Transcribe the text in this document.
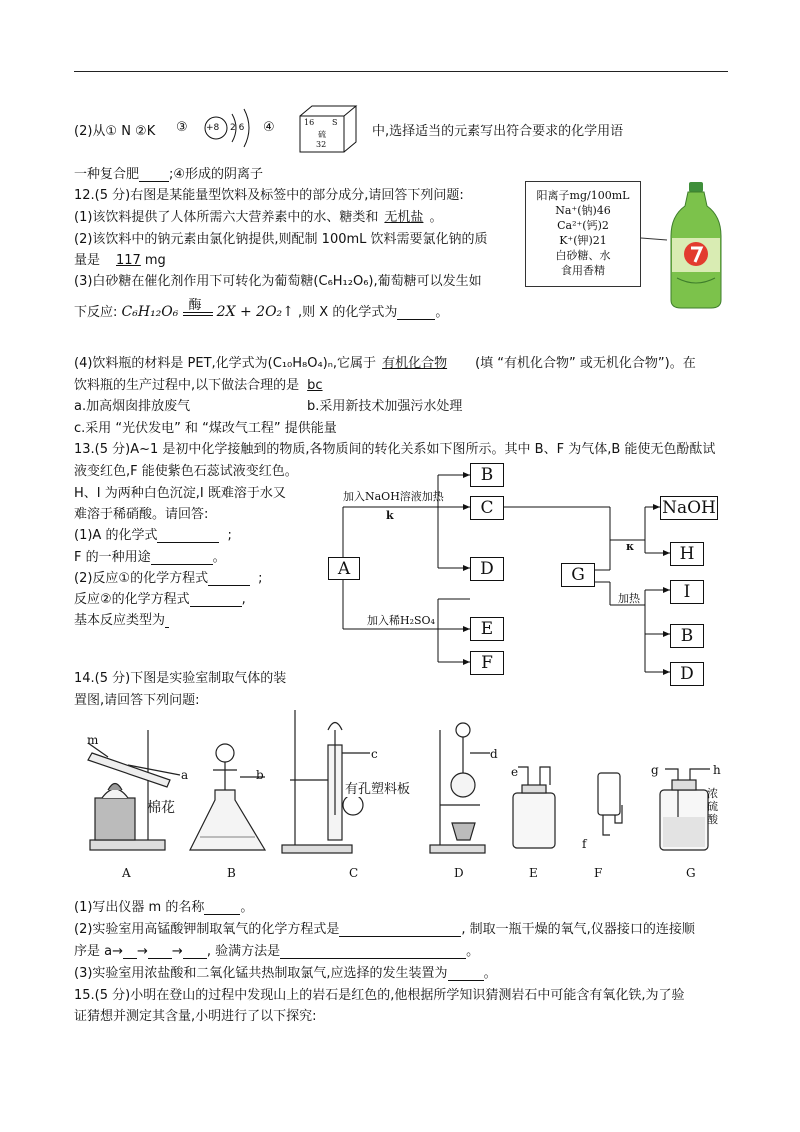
(2)从① N ②K ③ +8 2 6 ④	16 S
硫
32
中,选择适当的元素写出符合要求的化学用语
一种复合肥 ;④形成的阴离子
12.(5 分)右图是某能量型饮料及标签中的部分成分,请回答下列问题:
(1)该饮料提供了人体所需六大营养素中的水、糖类和 无机盐 。
(2)该饮料中的钠元素由氯化钠提供,则配制 100mL 饮料需要氯化钠的质
量是 117 mg
(3)白砂糖在催化剂作用下可转化为葡萄糖(C₆H₁₂O₆),葡萄糖可以发生如
下反应: C₆H₁₂O₆ 酶 2X + 2O₂↑ ,则 X 的化学式为	。
阳离子mg/100mL
Na⁺(钠)46
Ca²⁺(钙)2
K⁺(钾)21
白砂糖、水
食用香精
(4)饮料瓶的材料是 PET,化学式为(C₁₀H₈O₄)ₙ,它属于 有机化合物 (填 “有机化合物” 或无机化合物”)。在
饮料瓶的生产过程中,以下做法合理的是 bc
a.加高烟囱排放废气	b.采用新技术加强污水处理
c.采用 “光伏发电” 和 “煤改气工程” 提供能量
13.(5 分)A~1 是初中化学接触到的物质,各物质间的转化关系如下图所示。其中 B、F 为气体,B 能使无色酚酞试
液变红色,F 能使紫色石蕊试液变红色。
H、I 为两种白色沉淀,I 既难溶于水又
难溶于稀硝酸。请回答:
(1)A 的化学式	;
F 的一种用途	。
(2)反应①的化学方程式	;
反应②的化学方程式	,
基本反应类型为
A
B
C
D
E
F
G
NaOH
H
I
B
D
加入NaOH溶液加热
k
κ
加入稀H₂SO₄
加热
14.(5 分)下图是实验室制取气体的装
置图,请回答下列问题:
m
a	b
c	d
e
f
g	h
棉花
有孔塑料板	浓硫酸
A	B	C	D	E	F	G
(1)写出仪器 m 的名称	。
(2)实验室用高锰酸钾制取氧气的化学方程式是	, 制取一瓶干燥的氧气,仪器接口的连接顺
序是 a→ → → , 验满方法是	。
(3)实验室用浓盐酸和二氧化锰共热制取氯气,应选择的发生装置为	。
15.(5 分)小明在登山的过程中发现山上的岩石是红色的,他根据所学知识猜测岩石中可能含有氧化铁,为了验
证猜想并测定其含量,小明进行了以下探究:
